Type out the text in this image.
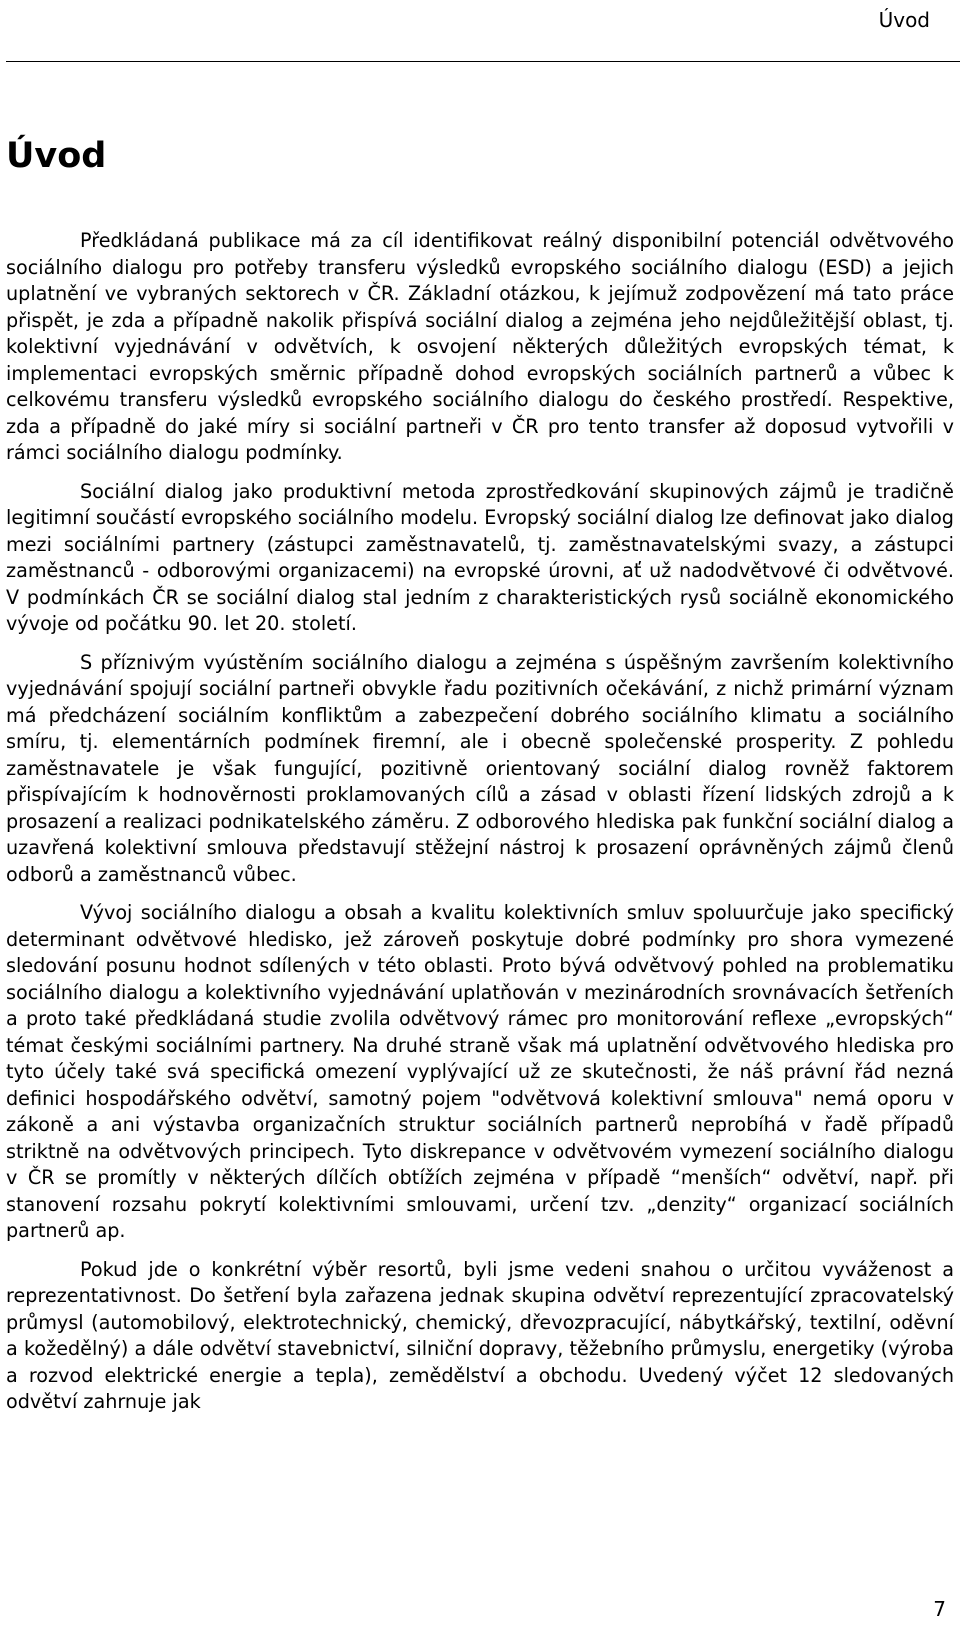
Úvod
Úvod

Předkládaná publikace má za cíl identifikovat reálný disponibilní potenciál odvětvového sociálního dialogu pro potřeby transferu výsledků evropského sociálního dialogu (ESD) a jejich uplatnění ve vybraných sektorech v ČR. Základní otázkou, k jejímuž zodpovězení má tato práce přispět, je zda a případně nakolik přispívá sociální dialog a zejména jeho nejdůležitější oblast, tj. kolektivní vyjednávání v odvětvích, k osvojení některých důležitých evropských témat, k implementaci evropských směrnic případně dohod evropských sociálních partnerů a vůbec k celkovému transferu výsledků evropského sociálního dialogu do českého prostředí. Respektive, zda a případně do jaké míry si sociální partneři v ČR pro tento transfer až doposud vytvořili v rámci sociálního dialogu podmínky.

Sociální dialog jako produktivní metoda zprostředkování skupinových zájmů je tradičně legitimní součástí evropského sociálního modelu. Evropský sociální dialog lze definovat jako dialog mezi sociálními partnery (zástupci zaměstnavatelů, tj. zaměstnavatelskými svazy, a zástupci zaměstnanců - odborovými organizacemi) na evropské úrovni, ať už nadodvětvové či odvětvové. V podmínkách ČR se sociální dialog stal jedním z charakteristických rysů sociálně ekonomického vývoje od počátku 90. let 20. století.

S příznivým vyústěním sociálního dialogu a zejména s úspěšným završením kolektivního vyjednávání spojují sociální partneři obvykle řadu pozitivních očekávání, z nichž primární význam má předcházení sociálním konfliktům a zabezpečení dobrého sociálního klimatu a sociálního smíru, tj. elementárních podmínek firemní, ale i obecně společenské prosperity. Z pohledu zaměstnavatele je však fungující, pozitivně orientovaný sociální dialog rovněž faktorem přispívajícím k hodnověrnosti proklamovaných cílů a zásad v oblasti řízení lidských zdrojů a k prosazení a realizaci podnikatelského záměru. Z odborového hlediska pak funkční sociální dialog a uzavřená kolektivní smlouva představují stěžejní nástroj k prosazení oprávněných zájmů členů odborů a zaměstnanců vůbec.

Vývoj sociálního dialogu a obsah a kvalitu kolektivních smluv spoluurčuje jako specifický determinant odvětvové hledisko, jež zároveň poskytuje dobré podmínky pro shora vymezené sledování posunu hodnot sdílených v této oblasti. Proto bývá odvětvový pohled na problematiku sociálního dialogu a kolektivního vyjednávání uplatňován v mezinárodních srovnávacích šetřeních a proto také předkládaná studie zvolila odvětvový rámec pro monitorování reflexe „evropských“ témat českými sociálními partnery. Na druhé straně však má uplatnění odvětvového hlediska pro tyto účely také svá specifická omezení vyplývající už ze skutečnosti, že náš právní řád nezná definici hospodářského odvětví, samotný pojem "odvětvová kolektivní smlouva" nemá oporu v zákoně a ani výstavba organizačních struktur sociálních partnerů neprobíhá v řadě případů striktně na odvětvových principech. Tyto diskrepance v odvětvovém vymezení sociálního dialogu v ČR se promítly v některých dílčích obtížích zejména v případě “menších“ odvětví, např. při stanovení rozsahu pokrytí kolektivními smlouvami, určení tzv. „denzity“ organizací sociálních partnerů ap.

Pokud jde o konkrétní výběr resortů, byli jsme vedeni snahou o určitou vyváženost a reprezentativnost. Do šetření byla zařazena jednak skupina odvětví reprezentující zpracovatelský průmysl (automobilový, elektrotechnický, chemický, dřevozpracující, nábytkářský, textilní, oděvní a kožedělný) a dále odvětví stavebnictví, silniční dopravy, těžebního průmyslu, energetiky (výroba a rozvod elektrické energie a tepla), zemědělství a obchodu. Uvedený výčet 12 sledovaných odvětví zahrnuje jak

7
